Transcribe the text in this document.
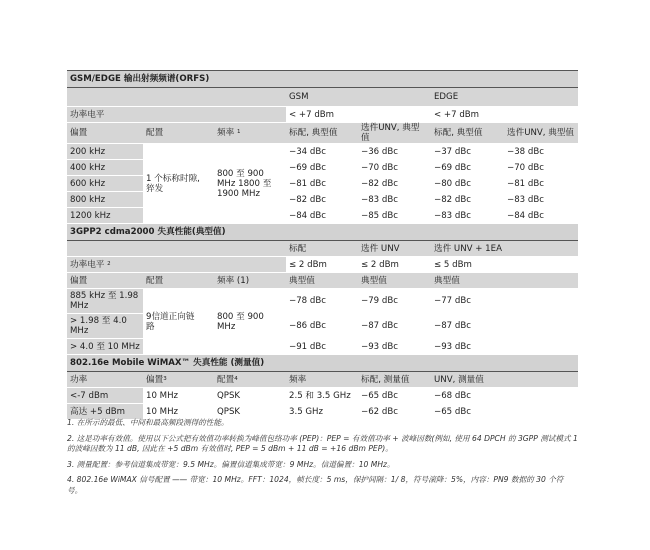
GSM/EDGE 输出射频频谱(ORFS)						
			GSM		EDGE	
功率电平			< +7 dBm		< +7 dBm	
偏置	配置	频率 $^1$	标配, 典型值	选件UNV, 典型值	标配, 典型值	选件UNV, 典型值
200 kHz	1 个标称时隙, 猝发	800 至 900 MHz 1800 至 1900 MHz	−34 dBc	−36 dBc	−37 dBc	−38 dBc
400 kHz			−69 dBc	−70 dBc	−69 dBc	−70 dBc
600 kHz			−81 dBc	−82 dBc	−80 dBc	−81 dBc
800 kHz			−82 dBc	−83 dBc	−82 dBc	−83 dBc
1200 kHz			−84 dBc	−85 dBc	−83 dBc	−84 dBc
3GPP2 cdma2000 失真性能(典型值)						
			标配	选件 UNV	选件 UNV + 1EA	
功率电平 $^2$			≤ 2 dBm	≤ 2 dBm	≤ 5 dBm	
偏置	配置	频率 (1)	典型值	典型值	典型值	
885 kHz 至 1.98 MHz	9信道正向链路	800 至 900 MHz	−78 dBc	−79 dBc	−77 dBc	
> 1.98 至 4.0 MHz			−86 dBc	−87 dBc	−87 dBc	
> 4.0 至 10 MHz			−91 dBc	−93 dBc	−93 dBc	
802.16e Mobile WiMAX™ 失真性能 (测量值)						
功率	偏置$^3$	配置$^4$	频率	标配, 测量值	UNV, 测量值	
<-7 dBm	10 MHz	QPSK	2.5 和 3.5 GHz	−65 dBc	−68 dBc	
高达 +5 dBm	10 MHz	QPSK	3.5 GHz	−62 dBc	−65 dBc	

1. 在所示的最低、中间和最高频段测得的性能。

2. 这是功率有效值。使用以下公式把有效值功率转换为峰值包络功率 (PEP)：PEP = 有效值功率 + 波峰因数(例如, 使用 64 DPCH 的 3GPP 测试模式 1 的波峰因数为 11 dB, 因此在 +5 dBm 有效值时, PEP = 5 dBm + 11 dB = +16 dBm PEP)。

3. 测量配置：参考信道集成带宽：9.5 MHz。偏置信道集成带宽：9 MHz。信道偏置：10 MHz。

4. 802.16e WiMAX 信号配置 —— 带宽：10 MHz。FFT：1024，帧长度：5 ms，保护间隔：1/ 8，符号滚降：5%，内容：PN9 数据的 30 个符号。
